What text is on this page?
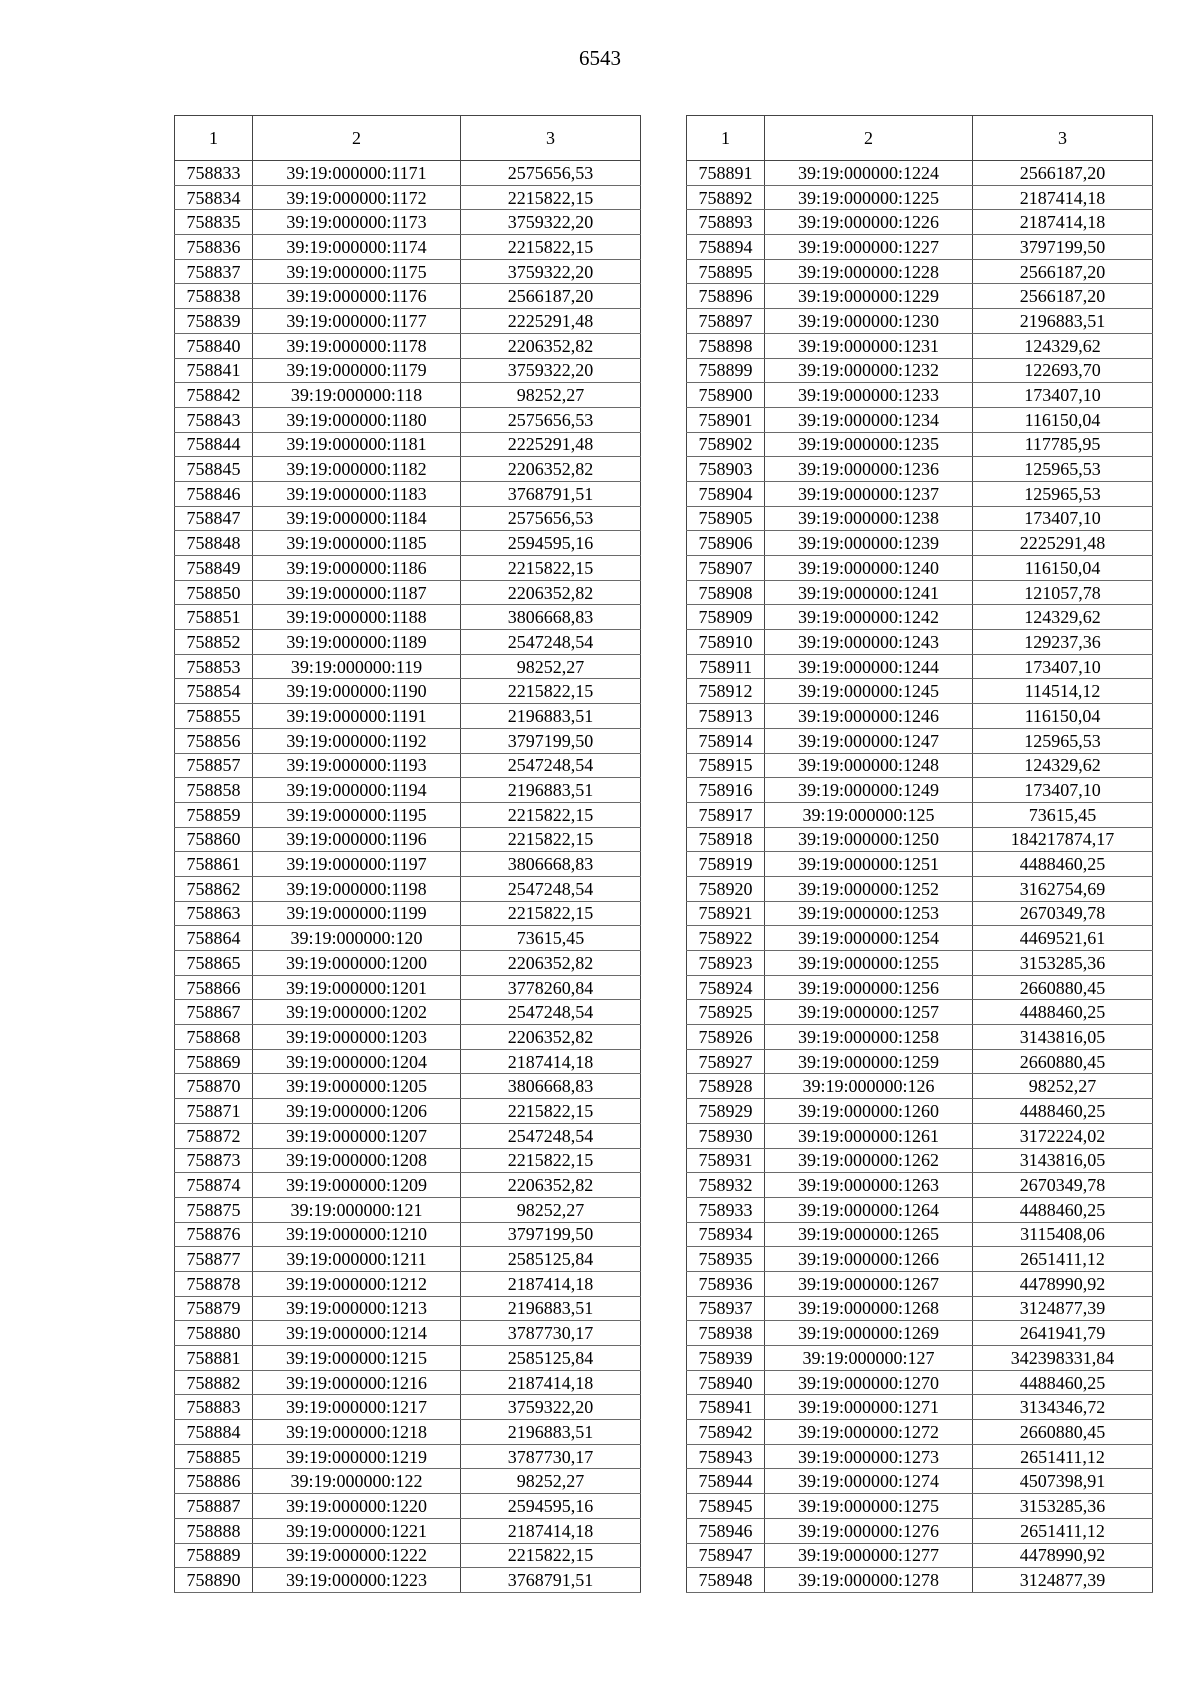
6543
1	2	3
758833	39:19:000000:1171	2575656,53
758834	39:19:000000:1172	2215822,15
758835	39:19:000000:1173	3759322,20
758836	39:19:000000:1174	2215822,15
758837	39:19:000000:1175	3759322,20
758838	39:19:000000:1176	2566187,20
758839	39:19:000000:1177	2225291,48
758840	39:19:000000:1178	2206352,82
758841	39:19:000000:1179	3759322,20
758842	39:19:000000:118	98252,27
758843	39:19:000000:1180	2575656,53
758844	39:19:000000:1181	2225291,48
758845	39:19:000000:1182	2206352,82
758846	39:19:000000:1183	3768791,51
758847	39:19:000000:1184	2575656,53
758848	39:19:000000:1185	2594595,16
758849	39:19:000000:1186	2215822,15
758850	39:19:000000:1187	2206352,82
758851	39:19:000000:1188	3806668,83
758852	39:19:000000:1189	2547248,54
758853	39:19:000000:119	98252,27
758854	39:19:000000:1190	2215822,15
758855	39:19:000000:1191	2196883,51
758856	39:19:000000:1192	3797199,50
758857	39:19:000000:1193	2547248,54
758858	39:19:000000:1194	2196883,51
758859	39:19:000000:1195	2215822,15
758860	39:19:000000:1196	2215822,15
758861	39:19:000000:1197	3806668,83
758862	39:19:000000:1198	2547248,54
758863	39:19:000000:1199	2215822,15
758864	39:19:000000:120	73615,45
758865	39:19:000000:1200	2206352,82
758866	39:19:000000:1201	3778260,84
758867	39:19:000000:1202	2547248,54
758868	39:19:000000:1203	2206352,82
758869	39:19:000000:1204	2187414,18
758870	39:19:000000:1205	3806668,83
758871	39:19:000000:1206	2215822,15
758872	39:19:000000:1207	2547248,54
758873	39:19:000000:1208	2215822,15
758874	39:19:000000:1209	2206352,82
758875	39:19:000000:121	98252,27
758876	39:19:000000:1210	3797199,50
758877	39:19:000000:1211	2585125,84
758878	39:19:000000:1212	2187414,18
758879	39:19:000000:1213	2196883,51
758880	39:19:000000:1214	3787730,17
758881	39:19:000000:1215	2585125,84
758882	39:19:000000:1216	2187414,18
758883	39:19:000000:1217	3759322,20
758884	39:19:000000:1218	2196883,51
758885	39:19:000000:1219	3787730,17
758886	39:19:000000:122	98252,27
758887	39:19:000000:1220	2594595,16
758888	39:19:000000:1221	2187414,18
758889	39:19:000000:1222	2215822,15
758890	39:19:000000:1223	3768791,51
1	2	3
758891	39:19:000000:1224	2566187,20
758892	39:19:000000:1225	2187414,18
758893	39:19:000000:1226	2187414,18
758894	39:19:000000:1227	3797199,50
758895	39:19:000000:1228	2566187,20
758896	39:19:000000:1229	2566187,20
758897	39:19:000000:1230	2196883,51
758898	39:19:000000:1231	124329,62
758899	39:19:000000:1232	122693,70
758900	39:19:000000:1233	173407,10
758901	39:19:000000:1234	116150,04
758902	39:19:000000:1235	117785,95
758903	39:19:000000:1236	125965,53
758904	39:19:000000:1237	125965,53
758905	39:19:000000:1238	173407,10
758906	39:19:000000:1239	2225291,48
758907	39:19:000000:1240	116150,04
758908	39:19:000000:1241	121057,78
758909	39:19:000000:1242	124329,62
758910	39:19:000000:1243	129237,36
758911	39:19:000000:1244	173407,10
758912	39:19:000000:1245	114514,12
758913	39:19:000000:1246	116150,04
758914	39:19:000000:1247	125965,53
758915	39:19:000000:1248	124329,62
758916	39:19:000000:1249	173407,10
758917	39:19:000000:125	73615,45
758918	39:19:000000:1250	184217874,17
758919	39:19:000000:1251	4488460,25
758920	39:19:000000:1252	3162754,69
758921	39:19:000000:1253	2670349,78
758922	39:19:000000:1254	4469521,61
758923	39:19:000000:1255	3153285,36
758924	39:19:000000:1256	2660880,45
758925	39:19:000000:1257	4488460,25
758926	39:19:000000:1258	3143816,05
758927	39:19:000000:1259	2660880,45
758928	39:19:000000:126	98252,27
758929	39:19:000000:1260	4488460,25
758930	39:19:000000:1261	3172224,02
758931	39:19:000000:1262	3143816,05
758932	39:19:000000:1263	2670349,78
758933	39:19:000000:1264	4488460,25
758934	39:19:000000:1265	3115408,06
758935	39:19:000000:1266	2651411,12
758936	39:19:000000:1267	4478990,92
758937	39:19:000000:1268	3124877,39
758938	39:19:000000:1269	2641941,79
758939	39:19:000000:127	342398331,84
758940	39:19:000000:1270	4488460,25
758941	39:19:000000:1271	3134346,72
758942	39:19:000000:1272	2660880,45
758943	39:19:000000:1273	2651411,12
758944	39:19:000000:1274	4507398,91
758945	39:19:000000:1275	3153285,36
758946	39:19:000000:1276	2651411,12
758947	39:19:000000:1277	4478990,92
758948	39:19:000000:1278	3124877,39
